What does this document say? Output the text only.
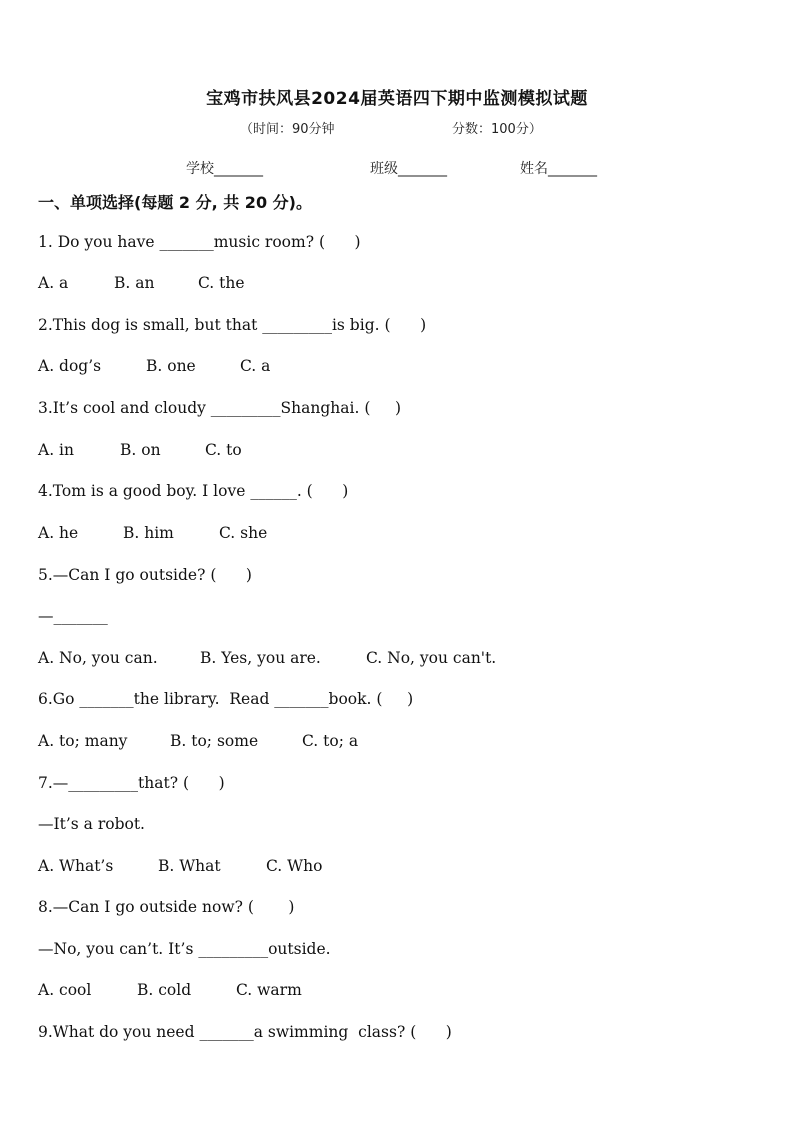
宝鸡市扶风县2024届英语四下期中监测模拟试题
（时间：90分钟	分数：100分）
学校_______	班级_______	姓名_______
一、单项选择(每题 2 分, 共 20 分)。
1. Do you have _______music room? (      )
A. a	B. an	C. the
2.This dog is small, but that _________is big. (      )
A. dog’s	B. one	C. a
3.It’s cool and cloudy _________Shanghai. (     )
A. in	B. on	C. to
4.Tom is a good boy. I love ______. (      )
A. he	B. him	C. she
5.—Can I go outside? (      )
—_______
A. No, you can.	B. Yes, you are.	C. No, you can't.
6.Go _______the library.  Read _______book. (     )
A. to; many	B. to; some	C. to; a
7.—_________that? (      )
—It’s a robot.
A. What’s	B. What	C. Who
8.—Can I go outside now? (       )
—No, you can’t. It’s _________outside.
A. cool	B. cold	C. warm
9.What do you need _______a swimming  class? (      )
